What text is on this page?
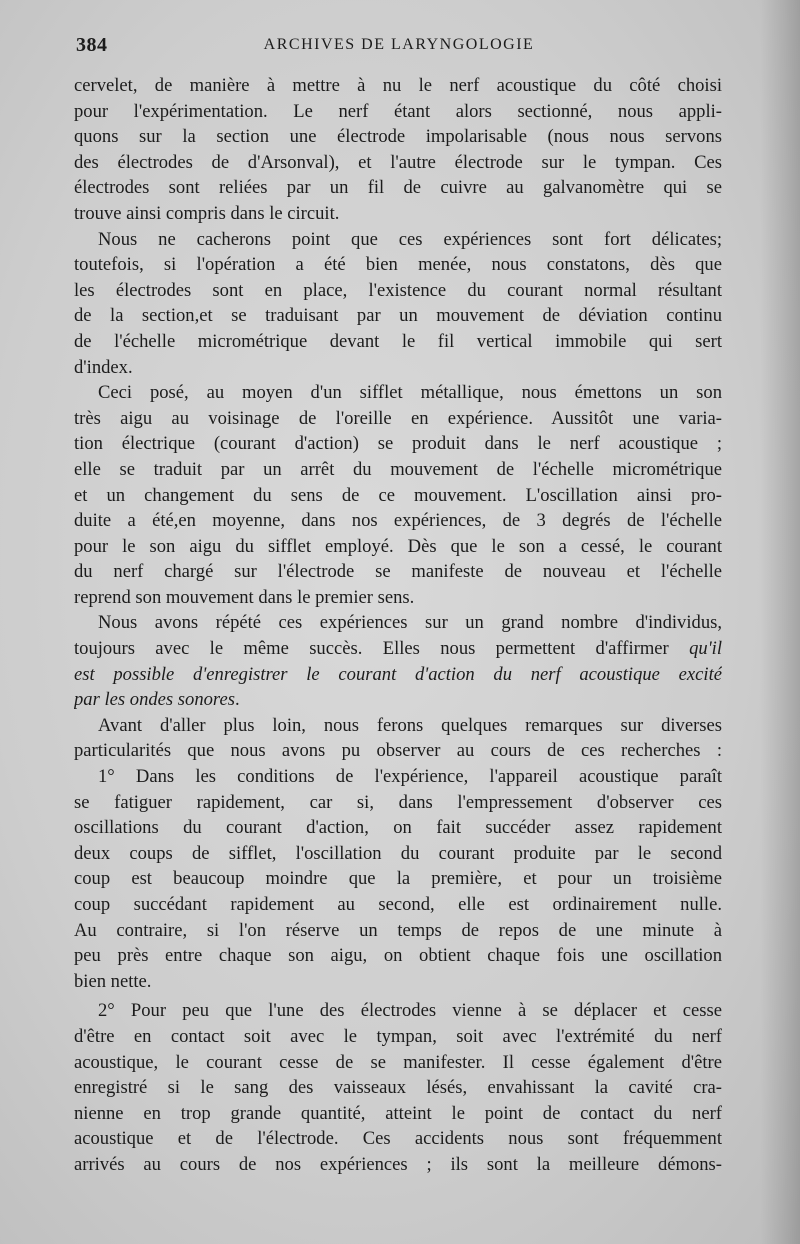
384	ARCHIVES DE LARYNGOLOGIE
cervelet, de manière à mettre à nu le nerf acoustique du côté choisi
pour l'expérimentation. Le nerf étant alors sectionné, nous appli-
quons sur la section une électrode impolarisable (nous nous servons
des électrodes de d'Arsonval), et l'autre électrode sur le tympan. Ces
électrodes sont reliées par un fil de cuivre au galvanomètre qui se
trouve ainsi compris dans le circuit.
Nous ne cacherons point que ces expériences sont fort délicates;
toutefois, si l'opération a été bien menée, nous constatons, dès que
les électrodes sont en place, l'existence du courant normal résultant
de la section,et se traduisant par un mouvement de déviation continu
de l'échelle micrométrique devant le fil vertical immobile qui sert
d'index.
Ceci posé, au moyen d'un sifflet métallique, nous émettons un son
très aigu au voisinage de l'oreille en expérience. Aussitôt une varia-
tion électrique (courant d'action) se produit dans le nerf acoustique ;
elle se traduit par un arrêt du mouvement de l'échelle micrométrique
et un changement du sens de ce mouvement. L'oscillation ainsi pro-
duite a été,en moyenne, dans nos expériences, de 3 degrés de l'échelle
pour le son aigu du sifflet employé. Dès que le son a cessé, le courant
du nerf chargé sur l'électrode se manifeste de nouveau et l'échelle
reprend son mouvement dans le premier sens.
Nous avons répété ces expériences sur un grand nombre d'individus,
toujours avec le même succès. Elles nous permettent d'affirmer qu'il
est possible d'enregistrer le courant d'action du nerf acoustique excité
par les ondes sonores.
Avant d'aller plus loin, nous ferons quelques remarques sur diverses
particularités que nous avons pu observer au cours de ces recherches :
1° Dans les conditions de l'expérience, l'appareil acoustique paraît
se fatiguer rapidement, car si, dans l'empressement d'observer ces
oscillations du courant d'action, on fait succéder assez rapidement
deux coups de sifflet, l'oscillation du courant produite par le second
coup est beaucoup moindre que la première, et pour un troisième
coup succédant rapidement au second, elle est ordinairement nulle.
Au contraire, si l'on réserve un temps de repos de une minute à
peu près entre chaque son aigu, on obtient chaque fois une oscillation
bien nette.
2° Pour peu que l'une des électrodes vienne à se déplacer et cesse
d'être en contact soit avec le tympan, soit avec l'extrémité du nerf
acoustique, le courant cesse de se manifester. Il cesse également d'être
enregistré si le sang des vaisseaux lésés, envahissant la cavité cra-
nienne en trop grande quantité, atteint le point de contact du nerf
acoustique et de l'électrode. Ces accidents nous sont fréquemment
arrivés au cours de nos expériences ; ils sont la meilleure démons-
